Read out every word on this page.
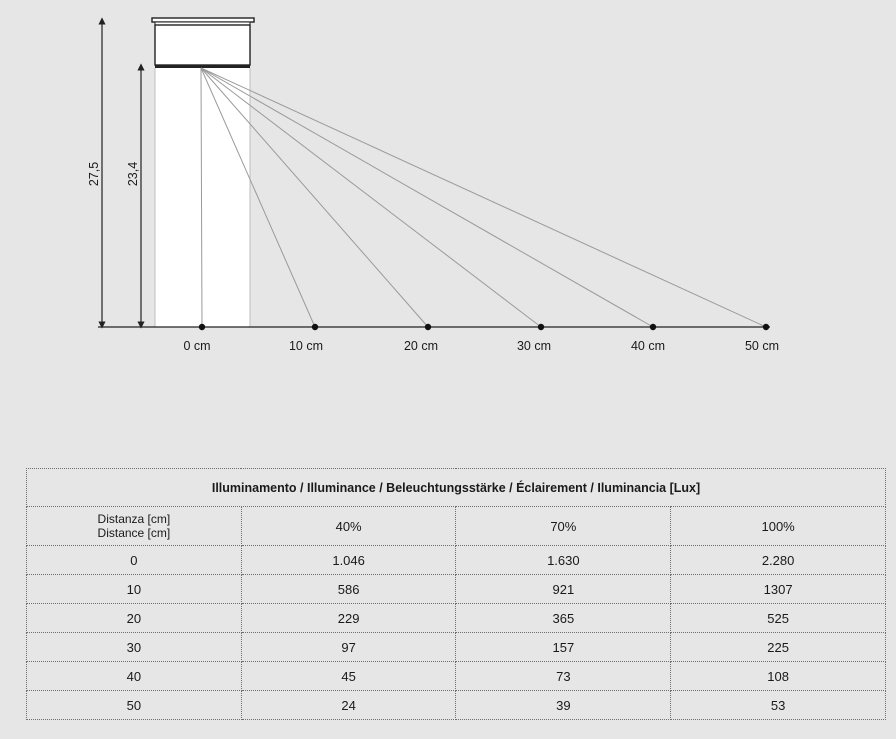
27,5 23,4
0 cm	10 cm	20 cm	30 cm	40 cm	50 cm
Illuminamento / Illuminance / Beleuchtungsstärke / Éclairement / Iluminancia [Lux]			
Distanza [cm]
Distance [cm]	40%	70%	100%
0	1.046	1.630	2.280
10	586	921	1307
20	229	365	525
30	97	157	225
40	45	73	108
50	24	39	53
